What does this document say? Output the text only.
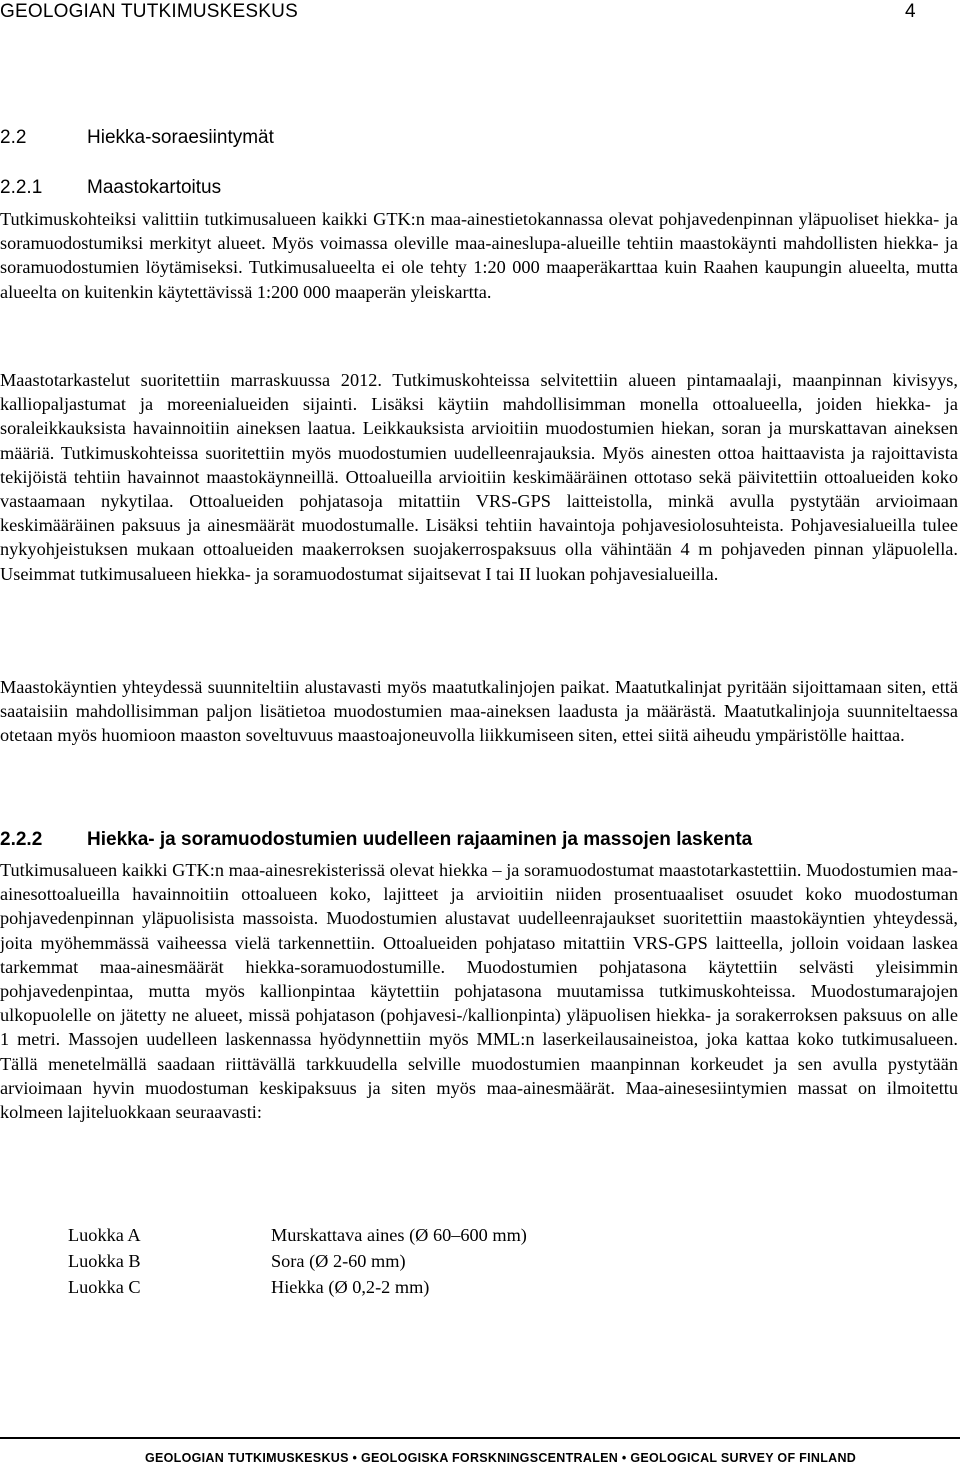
GEOLOGIAN TUTKIMUSKESKUS	4
2.2	Hiekka-soraesiintymät
2.2.1 Maastokartoitus

Tutkimuskohteiksi valittiin tutkimusalueen kaikki GTK:n maa-ainestietokannassa olevat pohjavedenpinnan yläpuoliset hiekka- ja soramuodostumiksi merkityt alueet. Myös voimassa oleville maa-aineslupa-alueille tehtiin maastokäynti mahdollisten hiekka- ja soramuodostumien löytämiseksi. Tutkimusalueelta ei ole tehty 1:20 000 maaperäkarttaa kuin Raahen kaupungin alueelta, mutta alueelta on kuitenkin käytettävissä 1:200 000 maaperän yleiskartta.

Maastotarkastelut suoritettiin marraskuussa 2012. Tutkimuskohteissa selvitettiin alueen pintamaalaji, maanpinnan kivisyys, kalliopaljastumat ja moreenialueiden sijainti. Lisäksi käytiin mahdollisimman monella ottoalueella, joiden hiekka- ja soraleikkauksista havainnoitiin aineksen laatua. Leikkauksista arvioitiin muodostumien hiekan, soran ja murskattavan aineksen määriä. Tutkimuskohteissa suoritettiin myös muodostumien uudelleenrajauksia. Myös ainesten ottoa haittaavista ja rajoittavista tekijöistä tehtiin havainnot maastokäynneillä. Ottoalueilla arvioitiin keskimääräinen ottotaso sekä päivitettiin ottoalueiden koko vastaamaan nykytilaa. Ottoalueiden pohjatasoja mitattiin VRS-GPS laitteistolla, minkä avulla pystytään arvioimaan keskimääräinen paksuus ja ainesmäärät muodostumalle. Lisäksi tehtiin havaintoja pohjavesiolosuhteista. Pohjavesialueilla tulee nykyohjeistuksen mukaan ottoalueiden maakerroksen suojakerrospaksuus olla vähintään 4 m pohjaveden pinnan yläpuolella. Useimmat tutkimusalueen hiekka- ja soramuodostumat sijaitsevat I tai II luokan pohjavesialueilla.

Maastokäyntien yhteydessä suunniteltiin alustavasti myös maatutkalinjojen paikat. Maatutkalinjat pyritään sijoittamaan siten, että saataisiin mahdollisimman paljon lisätietoa muodostumien maa-aineksen laadusta ja määrästä. Maatutkalinjoja suunniteltaessa otetaan myös huomioon maaston soveltuvuus maastoajoneuvolla liikkumiseen siten, ettei siitä aiheudu ympäristölle haittaa.

2.2.2 Hiekka- ja soramuodostumien uudelleen rajaaminen ja massojen laskenta

Tutkimusalueen kaikki GTK:n maa-ainesrekisterissä olevat hiekka – ja soramuodostumat maastotarkastettiin. Muodostumien maa-ainesottoalueilla havainnoitiin ottoalueen koko, lajitteet ja arvioitiin niiden prosentuaaliset osuudet koko muodostuman pohjavedenpinnan yläpuolisista massoista. Muodostumien alustavat uudelleenrajaukset suoritettiin maastokäyntien yhteydessä, joita myöhemmässä vaiheessa vielä tarkennettiin. Ottoalueiden pohjataso mitattiin VRS-GPS laitteella, jolloin voidaan laskea tarkemmat maa-ainesmäärät hiekka-soramuodostumille. Muodostumien pohjatasona käytettiin selvästi yleisimmin pohjavedenpintaa, mutta myös kallionpintaa käytettiin pohjatasona muutamissa tutkimuskohteissa. Muodostumarajojen ulkopuolelle on jätetty ne alueet, missä pohjatason (pohjavesi-/kallionpinta) yläpuolisen hiekka- ja sorakerroksen paksuus on alle 1 metri. Massojen uudelleen laskennassa hyödynnettiin myös MML:n laserkeilausaineistoa, joka kattaa koko tutkimusalueen. Tällä menetelmällä saadaan riittävällä tarkkuudella selville muodostumien maanpinnan korkeudet ja sen avulla pystytään arvioimaan hyvin muodostuman keskipaksuus ja siten myös maa-ainesmäärät. Maa-ainesesiintymien massat on ilmoitettu kolmeen lajiteluokkaan seuraavasti:

Luokka A	Murskattava aines (Ø 60–600 mm)
Luokka B	Sora (Ø 2-60 mm)
Luokka C	Hiekka (Ø 0,2-2 mm)
GEOLOGIAN TUTKIMUSKESKUS • GEOLOGISKA FORSKNINGSCENTRALEN • GEOLOGICAL SURVEY OF FINLAND
